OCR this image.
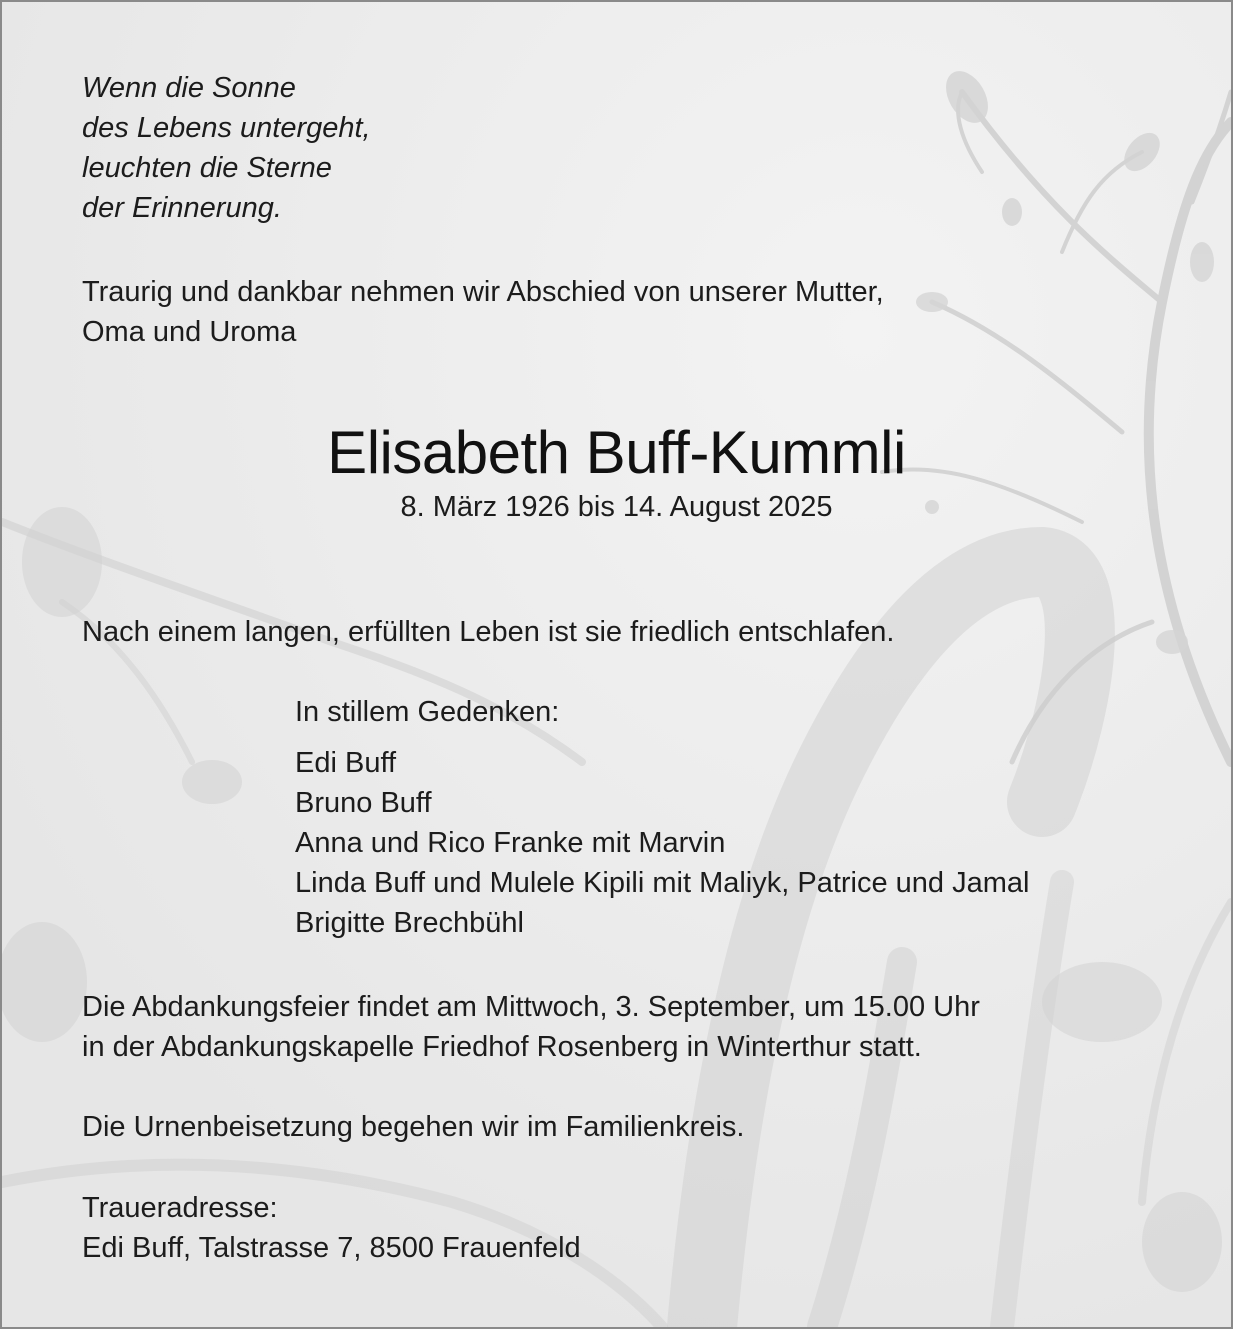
Wenn die Sonne
des Lebens untergeht,
leuchten die Sterne
der Erinnerung.
Traurig und dankbar nehmen wir Abschied von unserer Mutter,
Oma und Uroma
Elisabeth Buff-Kummli
8. März 1926 bis 14. August 2025
Nach einem langen, erfüllten Leben ist sie friedlich entschlafen.
In stillem Gedenken:
Edi Buff
Bruno Buff
Anna und Rico Franke mit Marvin
Linda Buff und Mulele Kipili mit Maliyk, Patrice und Jamal
Brigitte Brechbühl
Die Abdankungsfeier findet am Mittwoch, 3. September, um 15.00 Uhr
in der Abdankungskapelle Friedhof Rosenberg in Winterthur statt.
Die Urnenbeisetzung begehen wir im Familienkreis.
Traueradresse:
Edi Buff, Talstrasse 7, 8500 Frauenfeld
